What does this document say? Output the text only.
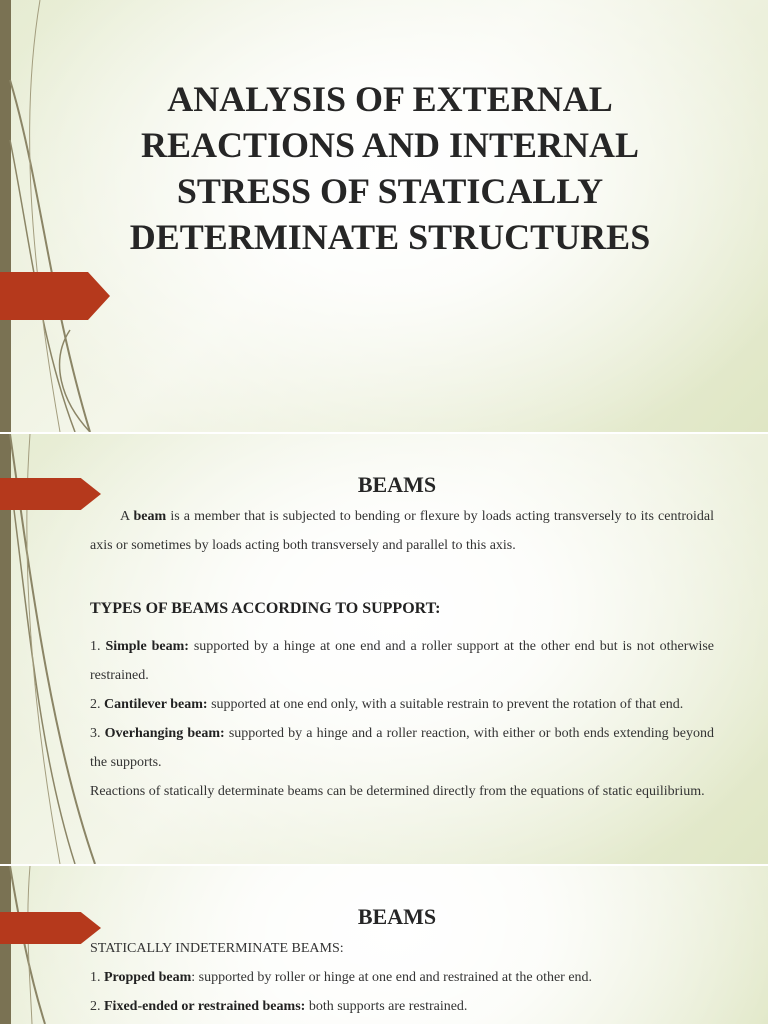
ANALYSIS OF EXTERNAL REACTIONS AND INTERNAL STRESS OF STATICALLY DETERMINATE STRUCTURES
BEAMS

A beam is a member that is subjected to bending or flexure by loads acting transversely to its centroidal axis or sometimes by loads acting both transversely and parallel to this axis.

TYPES OF BEAMS ACCORDING TO SUPPORT:

1. Simple beam: supported by a hinge at one end and a roller support at the other end but is not otherwise restrained.

2. Cantilever beam: supported at one end only, with a suitable restrain to prevent the rotation of that end.

3. Overhanging beam: supported by a hinge and a roller reaction, with either or both ends extending beyond the supports.

Reactions of statically determinate beams can be determined directly from the equations of static equilibrium.

BEAMS

STATICALLY INDETERMINATE BEAMS:

1. Propped beam: supported by roller or hinge at one end and restrained at the other end.

2. Fixed-ended or restrained beams: both supports are restrained.
